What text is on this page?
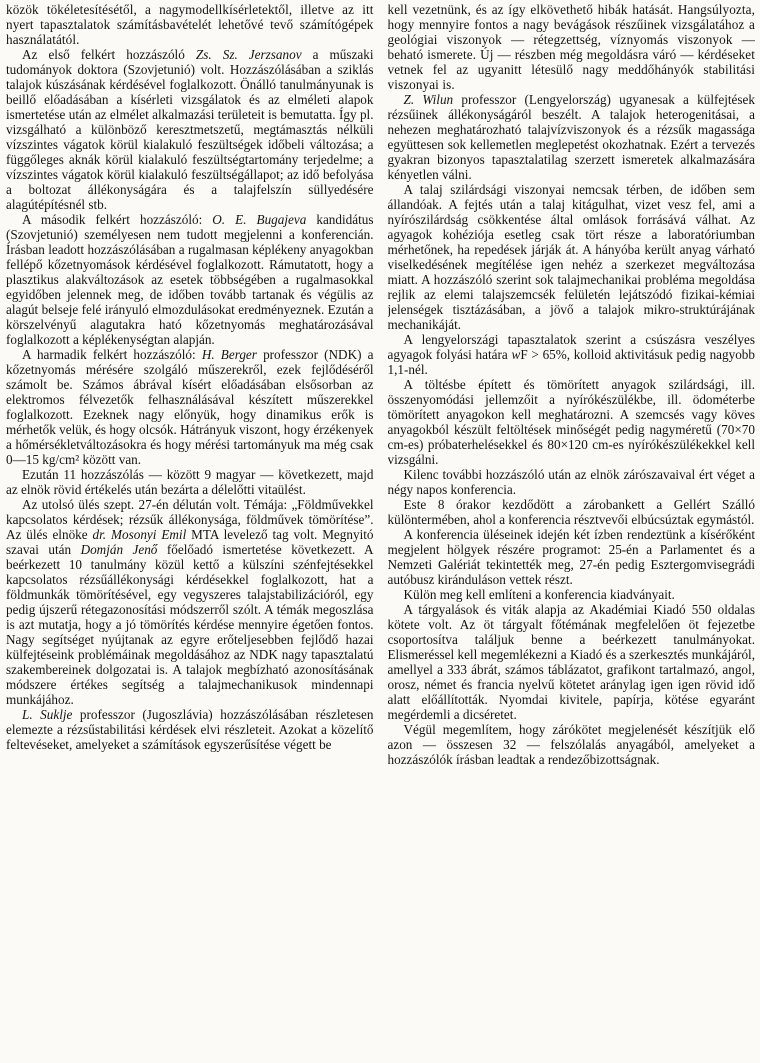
közök tökéletesítésétől, a nagymodellkísérletektől, illetve az itt nyert tapasztalatok számításbavételét lehetővé tevő számítógépek használatától.

Az első felkért hozzászóló Zs. Sz. Jerzsanov a műszaki tudományok doktora (Szovjetunió) volt. Hozzászólásában a sziklás talajok kúszásának kérdésével foglalkozott. Önálló tanulmányunak is beillő előadásában a kísérleti vizsgálatok és az elméleti alapok ismertetése után az elmélet alkalmazási területeit is bemutatta. Így pl. vizsgálható a különböző keresztmetszetű, megtámasztás nélküli vízszintes vágatok körül kialakuló feszültségek időbeli változása; a függőleges aknák körül kialakuló feszültségtartomány terjedelme; a vízszintes vágatok körül kialakuló feszültségállapot; az idő befolyása a boltozat állékonyságára és a talajfelszín süllyedésére alagútépítésnél stb.

A második felkért hozzászóló: O. E. Bugajeva kandidátus (Szovjetunió) személyesen nem tudott megjelenni a konferencián. Írásban leadott hozzászólásában a rugalmasan képlékeny anyagokban fellépő kőzetnyomások kérdésével foglalkozott. Rámutatott, hogy a plasztikus alakváltozások az esetek többségében a rugalmasokkal egyidőben jelennek meg, de időben tovább tartanak és végülis az alagút belseje felé irányuló elmozdulásokat eredményeznek. Ezután a körszelvényű alagutakra ható kőzetnyomás meghatározásával foglalkozott a képlékenységtan alapján.

A harmadik felkért hozzászóló: H. Berger professzor (NDK) a kőzetnyomás mérésére szolgáló műszerekről, ezek fejlődéséről számolt be. Számos ábrával kísért előadásában elsősorban az elektromos félvezetők felhasználásával készített műszerekkel foglalkozott. Ezeknek nagy előnyük, hogy dinamikus erők is mérhetők velük, és hogy olcsók. Hátrányuk viszont, hogy érzékenyek a hőmérsékletváltozásokra és hogy mérési tartományuk ma még csak 0—15 kg/cm² között van.

Ezután 11 hozzászólás — között 9 magyar — következett, majd az elnök rövid értékelés után bezárta a délelőtti vitaülést.

Az utolsó ülés szept. 27-én délután volt. Témája: „Földművekkel kapcsolatos kérdések; rézsűk állékonysága, földművek tömörítése”. Az ülés elnöke dr. Mosonyi Emil MTA levelező tag volt. Megnyitó szavai után Domján Jenő főelőadó ismertetése következett. A beérkezett 10 tanulmány közül kettő a külszíni szénfejtésekkel kapcsolatos rézsűállékonysági kérdésekkel foglalkozott, hat a földmunkák tömörítésével, egy vegyszeres talajstabilizációról, egy pedig újszerű rétegazonosítási módszerről szólt. A témák megoszlása is azt mutatja, hogy a jó tömörítés kérdése mennyire égetően fontos. Nagy segítséget nyújtanak az egyre erőteljesebben fejlődő hazai külfejtéseink problémáinak megoldásához az NDK nagy tapasztalatú szakembereinek dolgozatai is. A talajok megbízható azonosításának módszere értékes segítség a talajmechanikusok mindennapi munkájához.

L. Suklje professzor (Jugoszlávia) hozzászólásában részletesen elemezte a rézsűstabilitási kérdések elvi részleteit. Azokat a közelítő feltevéseket, amelyeket a számítások egyszerűsítése végett be

kell vezetnünk, és az így elkövethető hibák hatását. Hangsúlyozta, hogy mennyire fontos a nagy bevágások részűinek vizsgálatához a geológiai viszonyok — rétegzettség, víznyomás viszonyok — beható ismerete. Új — részben még megoldásra váró — kérdéseket vetnek fel az ugyanitt létesülő nagy meddőhányók stabilitási viszonyai is.

Z. Wilun professzor (Lengyelország) ugyanesak a külfejtések rézsűinek állékonyságáról beszélt. A talajok heterogenitásai, a nehezen meghatározható talajvízviszonyok és a rézsűk magassága együttesen sok kellemetlen meglepetést okozhatnak. Ezért a tervezés gyakran bizonyos tapasztalatilag szerzett ismeretek alkalmazására kényetlen válni.

A talaj szilárdsági viszonyai nemcsak térben, de időben sem állandóak. A fejtés után a talaj kitágulhat, vizet vesz fel, ami a nyírószilárdság csökkentése által omlások forrásává válhat. Az agyagok kohéziója esetleg csak tört része a laboratóriumban mérhetőnek, ha repedések járják át. A hányóba került anyag várható viselkedésének megítélése igen nehéz a szerkezet megváltozása miatt. A hozzászóló szerint sok talajmechanikai probléma megoldása rejlik az elemi talajszemcsék felületén lejátszódó fizikai-kémiai jelenségek tisztázásában, a jövő a talajok mikro-struktúrájának mechanikáját.

A lengyelországi tapasztalatok szerint a csúszásra veszélyes agyagok folyási határa wF > 65%, kolloid aktivitásuk pedig nagyobb 1,1-nél.

A töltésbe épített és tömörített anyagok szilárdsági, ill. összenyomódási jellemzőit a nyírókészülékbe, ill. ödométerbe tömörített anyagokon kell meghatározni. A szemcsés vagy köves anyagokból készült feltöltések minőségét pedig nagyméretű (70×70 cm-es) próbaterhelésekkel és 80×120 cm-es nyírókészülékekkel kell vizsgálni.

Kilenc további hozzászóló után az elnök zárószavaival ért véget a négy napos konferencia.

Este 8 órakor kezdődött a zárobankett a Gellért Szálló különtermében, ahol a konferencia résztvevői elbúcsúztak egymástól.

A konferencia üléseinek idején két ízben rendeztünk a kísérőként megjelent hölgyek részére programot: 25-én a Parlamentet és a Nemzeti Galériát tekintették meg, 27-én pedig Esztergomvisegrádi autóbusz kiránduláson vettek részt.

Külön meg kell említeni a konferencia kiadványait.

A tárgyalások és viták alapja az Akadémiai Kiadó 550 oldalas kötete volt. Az öt tárgyalt főtémának megfelelően öt fejezetbe csoportosítva találjuk benne a beérkezett tanulmányokat. Elismeréssel kell megemlékezni a Kiadó és a szerkesztés munkájáról, amellyel a 333 ábrát, számos táblázatot, grafikont tartalmazó, angol, orosz, német és francia nyelvű kötetet aránylag igen igen rövid idő alatt előállították. Nyomdai kivitele, papírja, kötése egyaránt megérdemli a dicséretet.

Végül megemlítem, hogy zárókötet megjelenését készítjük elő azon — összesen 32 — felszólalás anyagából, amelyeket a hozzászólók írásban leadtak a rendezőbizottságnak.
